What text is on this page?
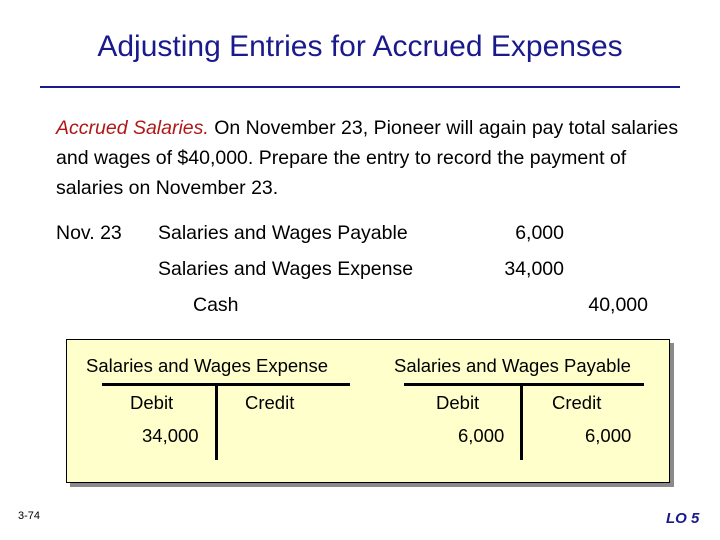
Adjusting Entries for Accrued Expenses
Accrued Salaries. On November 23, Pioneer will again pay total salaries and wages of $40,000. Prepare the entry to record the payment of salaries on November 23.
Nov. 23 Salaries and Wages Payable	6,000
Salaries and Wages Expense	34,000
Cash	40,000
Salaries and Wages Expense
Debit	Credit
34,000
Salaries and Wages Payable
Debit	Credit
6,000	6,000
3-74	LO 5
